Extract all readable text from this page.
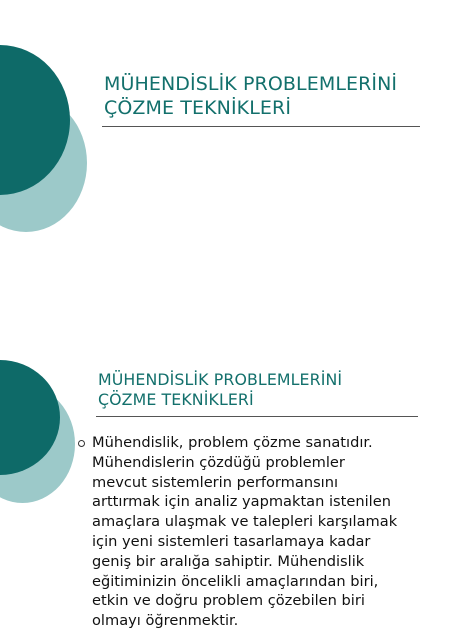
MÜHENDİSLİK PROBLEMLERİNİ
ÇÖZME TEKNİKLERİ
MÜHENDİSLİK PROBLEMLERİNİ
ÇÖZME TEKNİKLERİ
Mühendislik, problem çözme sanatıdır.
Mühendislerin çözdüğü problemler
mevcut sistemlerin performansını
arttırmak için analiz yapmaktan istenilen
amaçlara ulaşmak ve talepleri karşılamak
için yeni sistemleri tasarlamaya kadar
geniş bir aralığa sahiptir. Mühendislik
eğitiminizin öncelikli amaçlarından biri,
etkin ve doğru problem çözebilen biri
olmayı öğrenmektir.
